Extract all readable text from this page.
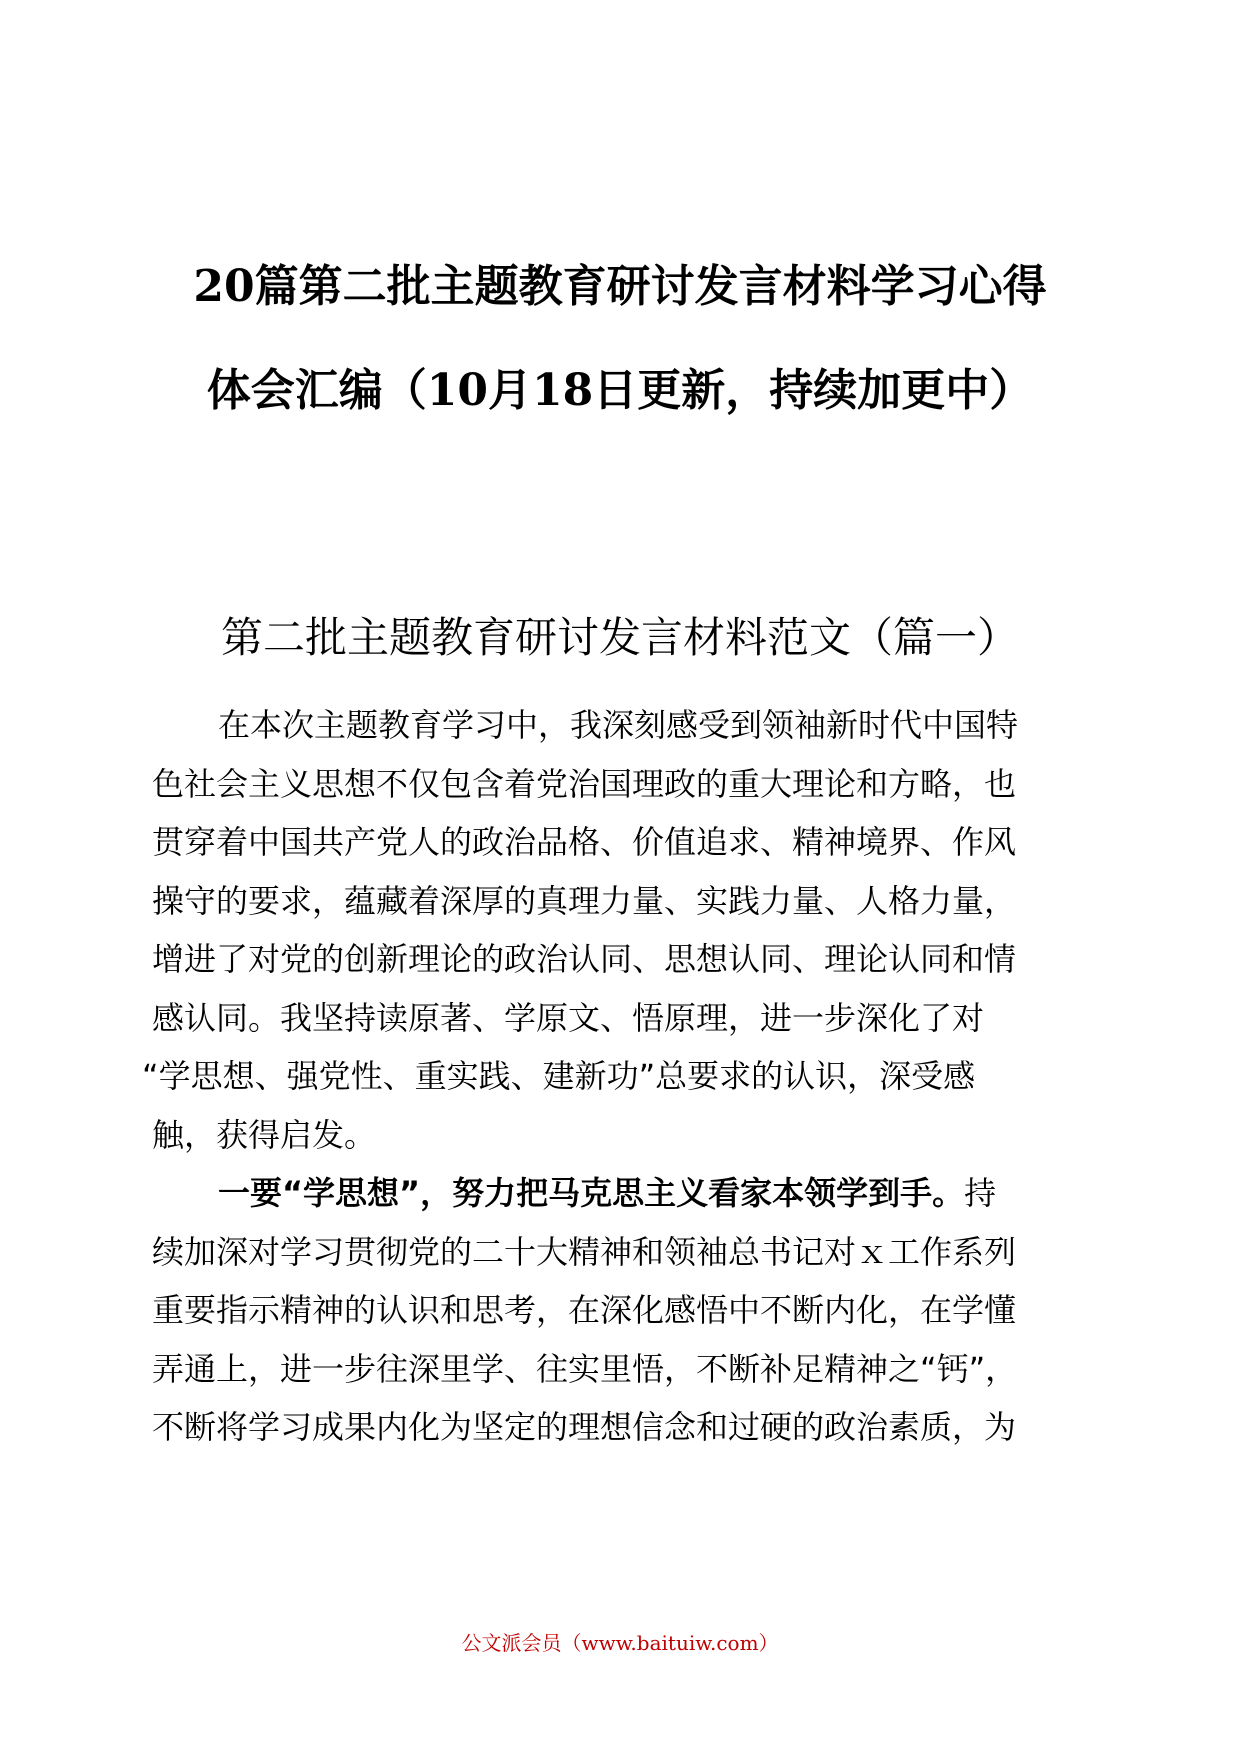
20篇第二批主题教育研讨发言材料学习心得
体会汇编（10月18日更新，持续加更中）
第二批主题教育研讨发言材料范文（篇一）
在本次主题教育学习中，我深刻感受到领袖新时代中国特
色社会主义思想不仅包含着党治国理政的重大理论和方略，也
贯穿着中国共产党人的政治品格、价值追求、精神境界、作风
操守的要求，蕴藏着深厚的真理力量、实践力量、人格力量，
增进了对党的创新理论的政治认同、思想认同、理论认同和情
感认同。我坚持读原著、学原文、悟原理，进一步深化了对
“学思想、强党性、重实践、建新功”总要求的认识，深受感
触，获得启发。
一要“学思想”，努力把马克思主义看家本领学到手。持
续加深对学习贯彻党的二十大精神和领袖总书记对ｘ工作系列
重要指示精神的认识和思考，在深化感悟中不断内化，在学懂
弄通上，进一步往深里学、往实里悟，不断补足精神之“钙”，
不断将学习成果内化为坚定的理想信念和过硬的政治素质，为
公文派会员（www.baituiw.com）
